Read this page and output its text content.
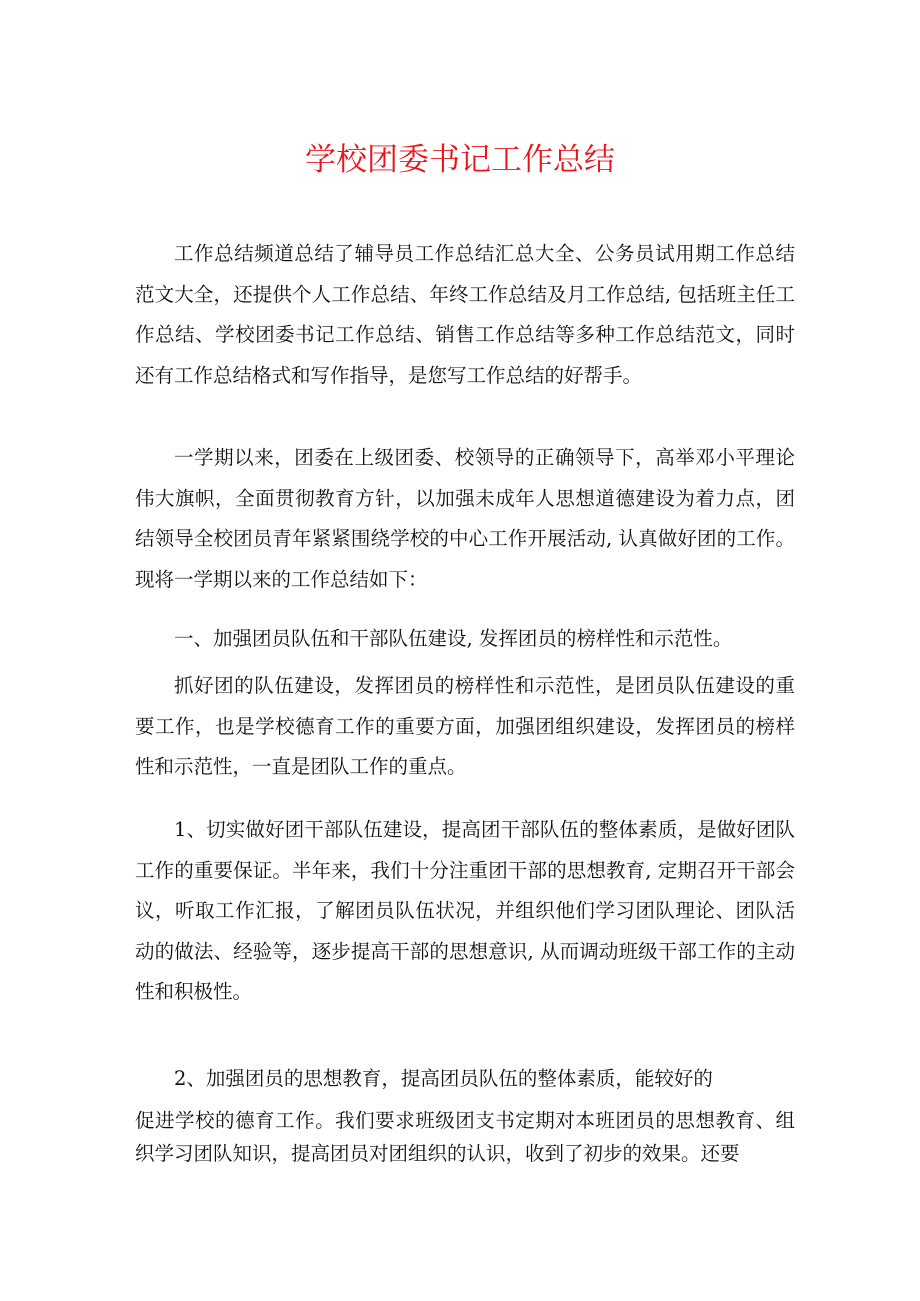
学校团委书记工作总结

工作总结频道总结了辅导员工作总结汇总大全、公务员试用期工作总结范文大全，还提供个人工作总结、年终工作总结及月工作总结, 包括班主任工作总结、学校团委书记工作总结、销售工作总结等多种工作总结范文，同时还有工作总结格式和写作指导，是您写工作总结的好帮手。

一学期以来，团委在上级团委、校领导的正确领导下，高举邓小平理论伟大旗帜，全面贯彻教育方针，以加强未成年人思想道德建设为着力点，团结领导全校团员青年紧紧围绕学校的中心工作开展活动, 认真做好团的工作。现将一学期以来的工作总结如下：

一、加强团员队伍和干部队伍建设, 发挥团员的榜样性和示范性。

抓好团的队伍建设，发挥团员的榜样性和示范性，是团员队伍建设的重要工作，也是学校德育工作的重要方面，加强团组织建设，发挥团员的榜样性和示范性，一直是团队工作的重点。

1、切实做好团干部队伍建设，提高团干部队伍的整体素质，是做好团队工作的重要保证。半年来，我们十分注重团干部的思想教育, 定期召开干部会议，听取工作汇报，了解团员队伍状况，并组织他们学习团队理论、团队活动的做法、经验等，逐步提高干部的思想意识, 从而调动班级干部工作的主动性和积极性。

2、加强团员的思想教育，提高团员队伍的整体素质，能较好的

促进学校的德育工作。我们要求班级团支书定期对本班团员的思想教育、组织学习团队知识，提高团员对团组织的认识，收到了初步的效果。还要
